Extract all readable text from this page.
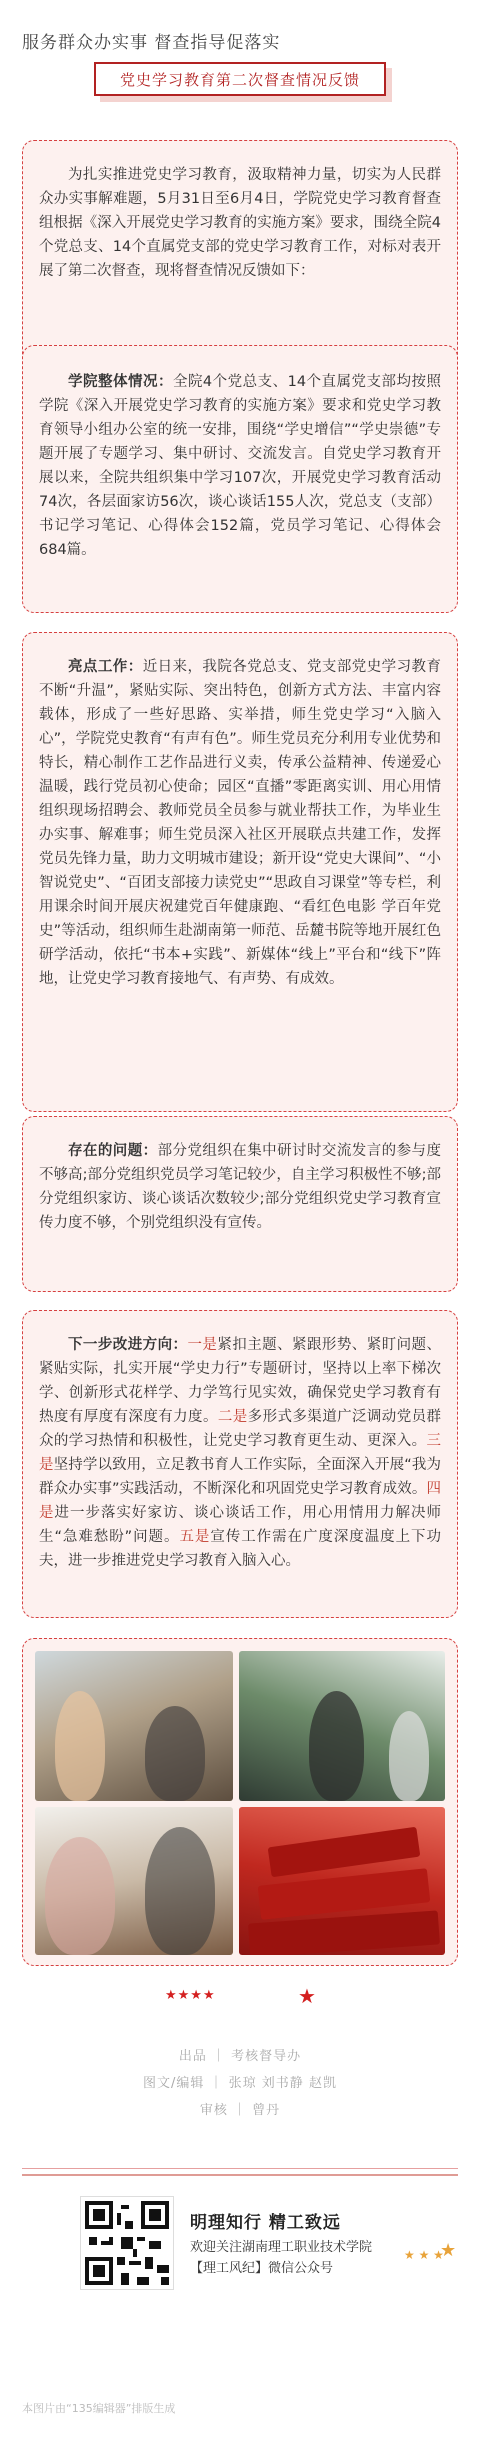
服务群众办实事 督查指导促落实
党史学习教育第二次督查情况反馈
为扎实推进党史学习教育，汲取精神力量，切实为人民群众办实事解难题，5月31日至6月4日，学院党史学习教育督查组根据《深入开展党史学习教育的实施方案》要求，围绕全院4个党总支、14个直属党支部的党史学习教育工作，对标对表开展了第二次督查，现将督查情况反馈如下：
学院整体情况：全院4个党总支、14个直属党支部均按照学院《深入开展党史学习教育的实施方案》要求和党史学习教育领导小组办公室的统一安排，围绕“学史增信”“学史崇德”专题开展了专题学习、集中研讨、交流发言。自党史学习教育开展以来，全院共组织集中学习107次，开展党史学习教育活动74次，各层面家访56次，谈心谈话155人次，党总支（支部）书记学习笔记、心得体会152篇，党员学习笔记、心得体会684篇。
亮点工作：近日来，我院各党总支、党支部党史学习教育不断“升温”，紧贴实际、突出特色，创新方式方法、丰富内容载体，形成了一些好思路、实举措，师生党史学习“入脑入心”，学院党史教育“有声有色”。师生党员充分利用专业优势和特长，精心制作工艺作品进行义卖，传承公益精神、传递爱心温暖，践行党员初心使命；园区“直播”零距离实训、用心用情组织现场招聘会、教师党员全员参与就业帮扶工作，为毕业生办实事、解难事；师生党员深入社区开展联点共建工作，发挥党员先锋力量，助力文明城市建设；新开设“党史大课间”、“小智说党史”、“百团支部接力读党史”“思政自习课堂”等专栏，利用课余时间开展庆祝建党百年健康跑、“看红色电影 学百年党史”等活动，组织师生赴湖南第一师范、岳麓书院等地开展红色研学活动，依托“书本+实践”、新媒体“线上”平台和“线下”阵地，让党史学习教育接地气、有声势、有成效。
存在的问题：部分党组织在集中研讨时交流发言的参与度不够高;部分党组织党员学习笔记较少，自主学习积极性不够;部分党组织家访、谈心谈话次数较少;部分党组织党史学习教育宣传力度不够，个别党组织没有宣传。
下一步改进方向：一是紧扣主题、紧跟形势、紧盯问题、紧贴实际，扎实开展“学史力行”专题研讨，坚持以上率下梯次学、创新形式花样学、力学笃行见实效，确保党史学习教育有热度有厚度有深度有力度。二是多形式多渠道广泛调动党员群众的学习热情和积极性，让党史学习教育更生动、更深入。三是坚持学以致用，立足教书育人工作实际，全面深入开展“我为群众办实事”实践活动，不断深化和巩固党史学习教育成效。四是进一步落实好家访、谈心谈话工作，用心用情用力解决师生“急难愁盼”问题。五是宣传工作需在广度深度温度上下功夫，进一步推进党史学习教育入脑入心。
★★★★	★
出品 ｜ 考核督导办
图文/编辑 ｜ 张琼 刘书静 赵凯
审核 ｜ 曾丹
明理知行 精工致远
欢迎关注湖南理工职业技术学院
【理工风纪】微信公众号
★ ★ ★
★
本图片由“135编辑器”排版生成
